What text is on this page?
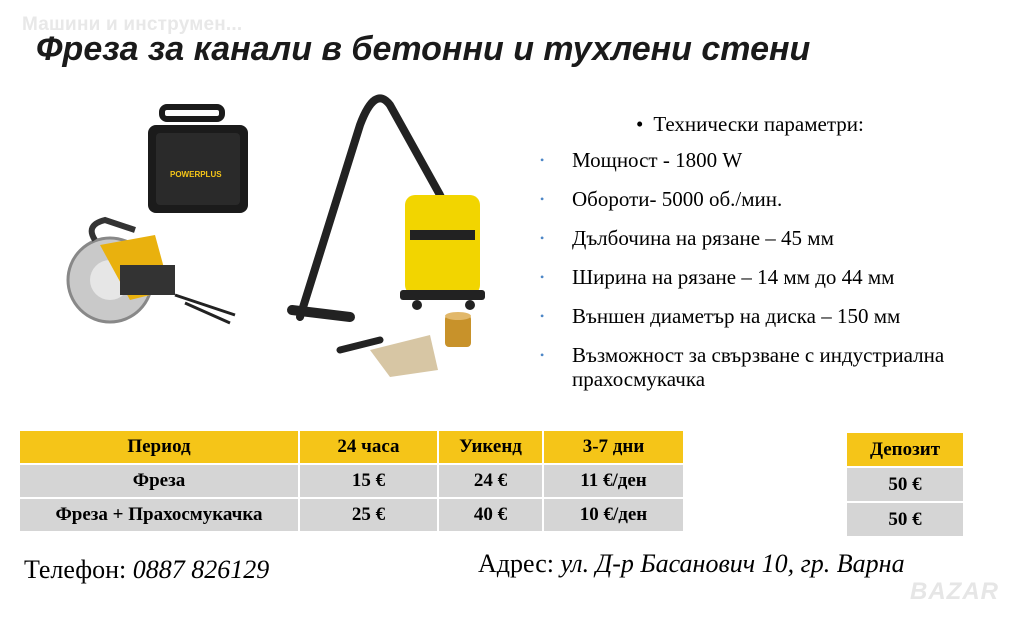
Машини и инструмен...
Фреза за канали в бетонни и тухлени стени
POWERPLUS
• Технически параметри:
•	Мощност - 1800 W
•	Обороти- 5000 об./мин.
•	Дълбочина на рязане – 45 мм
•	Ширина на рязане – 14 мм до 44 мм
•	Външен диаметър на диска – 150 мм
•	Възможност за свързване с индустриална прахосмукачка
Период	24 часа	Уикенд	3-7 дни
Фреза	15 €	24 €	11 €/ден
Фреза + Прахосмукачка	25 €	40 €	10 €/ден
Депозит
50 €
50 €
Телефон: 0887 826129	Адрес: ул. Д-р Басанович 10, гр. Варна
BAZAR
